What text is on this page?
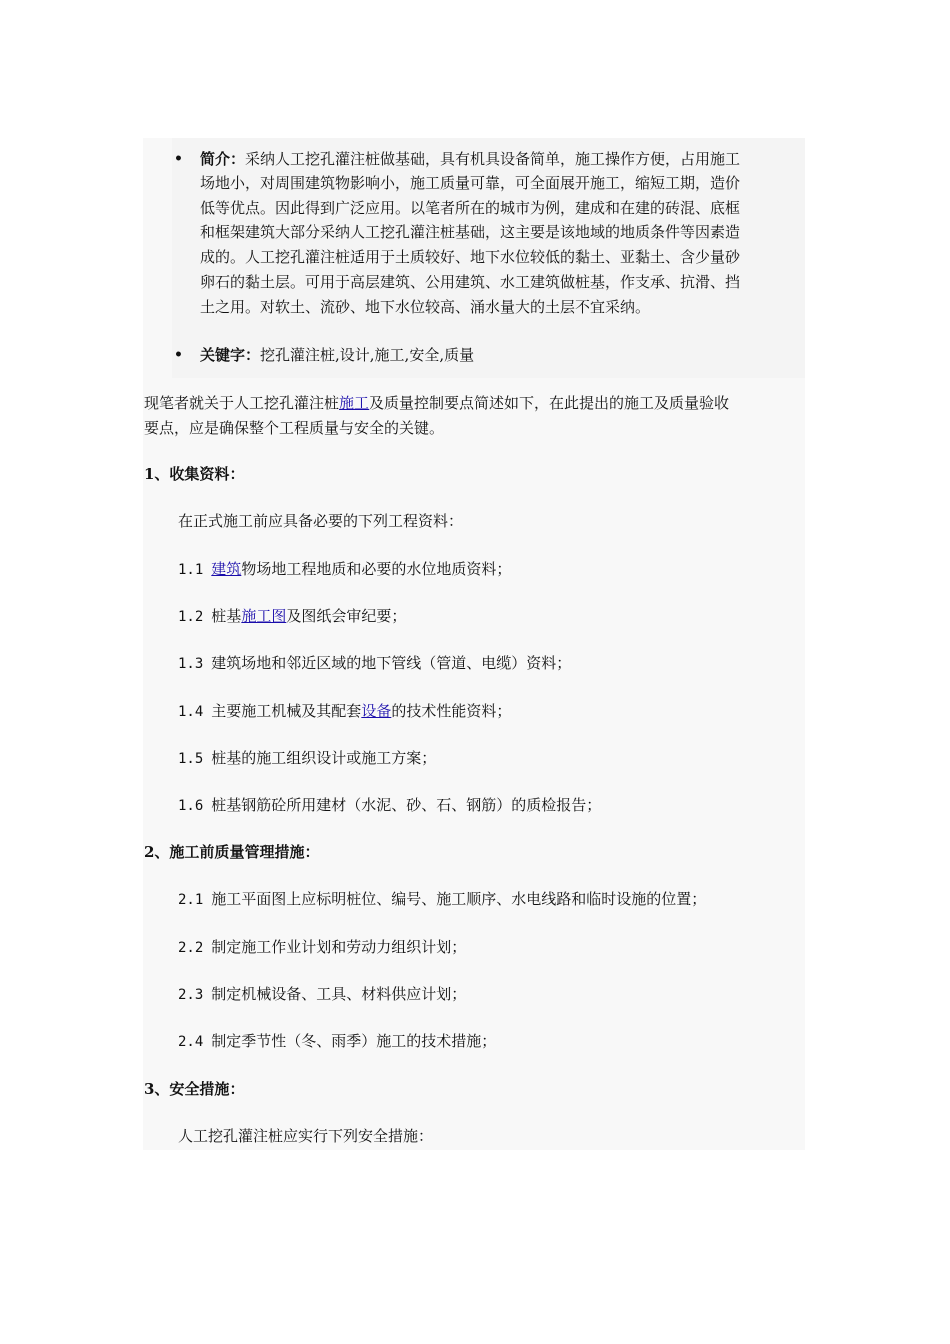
• 简介：采纳人工挖孔灌注桩做基础，具有机具设备简单，施工操作方便，占用施工
场地小，对周围建筑物影响小，施工质量可靠，可全面展开施工，缩短工期，造价
低等优点。因此得到广泛应用。以笔者所在的城市为例，建成和在建的砖混、底框
和框架建筑大部分采纳人工挖孔灌注桩基础，这主要是该地域的地质条件等因素造
成的。人工挖孔灌注桩适用于土质较好、地下水位较低的黏土、亚黏土、含少量砂
卵石的黏土层。可用于高层建筑、公用建筑、水工建筑做桩基，作支承、抗滑、挡
土之用。对软土、流砂、地下水位较高、涌水量大的土层不宜采纳。
• 关键字：挖孔灌注桩,设计,施工,安全,质量
现笔者就关于人工挖孔灌注桩施工及质量控制要点简述如下，在此提出的施工及质量验收
要点，应是确保整个工程质量与安全的关键。
1、收集资料：
在正式施工前应具备必要的下列工程资料：
1.1 建筑物场地工程地质和必要的水位地质资料；
1.2 桩基施工图及图纸会审纪要；
1.3 建筑场地和邻近区域的地下管线（管道、电缆）资料；
1.4 主要施工机械及其配套设备的技术性能资料；
1.5 桩基的施工组织设计或施工方案；
1.6 桩基钢筋砼所用建材（水泥、砂、石、钢筋）的质检报告；
2、施工前质量管理措施：
2.1 施工平面图上应标明桩位、编号、施工顺序、水电线路和临时设施的位置；
2.2 制定施工作业计划和劳动力组织计划；
2.3 制定机械设备、工具、材料供应计划；
2.4 制定季节性（冬、雨季）施工的技术措施；
3、安全措施：
人工挖孔灌注桩应实行下列安全措施：
